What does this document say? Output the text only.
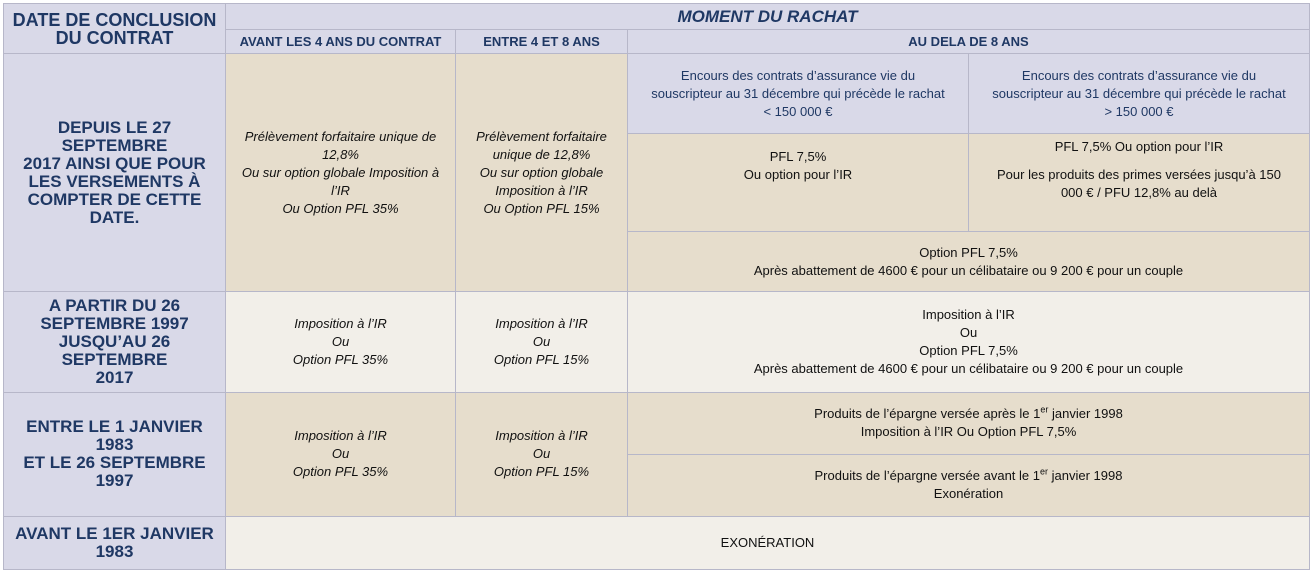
DATE DE CONCLUSION
DU CONTRAT	MOMENT DU RACHAT			
	AVANT LES 4 ANS DU CONTRAT	ENTRE 4 ET 8 ANS	AU DELA DE 8 ANS	

DEPUIS LE 27 SEPTEMBRE
2017 AINSI QUE POUR
LES VERSEMENTS À
COMPTER DE CETTE
DATE.	Prélèvement forfaitaire unique de
12,8%
Ou sur option globale Imposition à
l’IR
Ou Option PFL 35%	Prélèvement forfaitaire
unique de 12,8%
Ou sur option globale
Imposition à l’IR
Ou Option PFL 15%	Encours des contrats d’assurance vie du
souscripteur au 31 décembre qui précède le rachat
< 150 000 €	Encours des contrats d’assurance vie du
souscripteur au 31 décembre qui précède le rachat
> 150 000 €

			PFL 7,5%
Ou option pour l’IR	PFL 7,5% Ou option pour l’IR
Pour les produits des primes versées jusqu’à 150
000 € / PFU 12,8% au delà

			Option PFL 7,5%
Après abattement de 4600 € pour un célibataire ou 9 200 € pour un couple	

A PARTIR DU 26
SEPTEMBRE 1997
JUSQU’AU 26 SEPTEMBRE
2017	Imposition à l’IR
Ou
Option PFL 35%	Imposition à l’IR
Ou
Option PFL 15%	Imposition à l’IR
Ou
Option PFL 7,5%
Après abattement de 4600 € pour un célibataire ou 9 200 € pour un couple	

ENTRE LE 1 JANVIER 1983
ET LE 26 SEPTEMBRE
1997	Imposition à l’IR
Ou
Option PFL 35%	Imposition à l’IR
Ou
Option PFL 15%	Produits de l’épargne versée après le 1er janvier 1998
Imposition à l’IR Ou Option PFL 7,5%	

			Produits de l’épargne versée avant le 1er janvier 1998
Exonération	

AVANT LE 1ER JANVIER
1983	EXONÉRATION			
